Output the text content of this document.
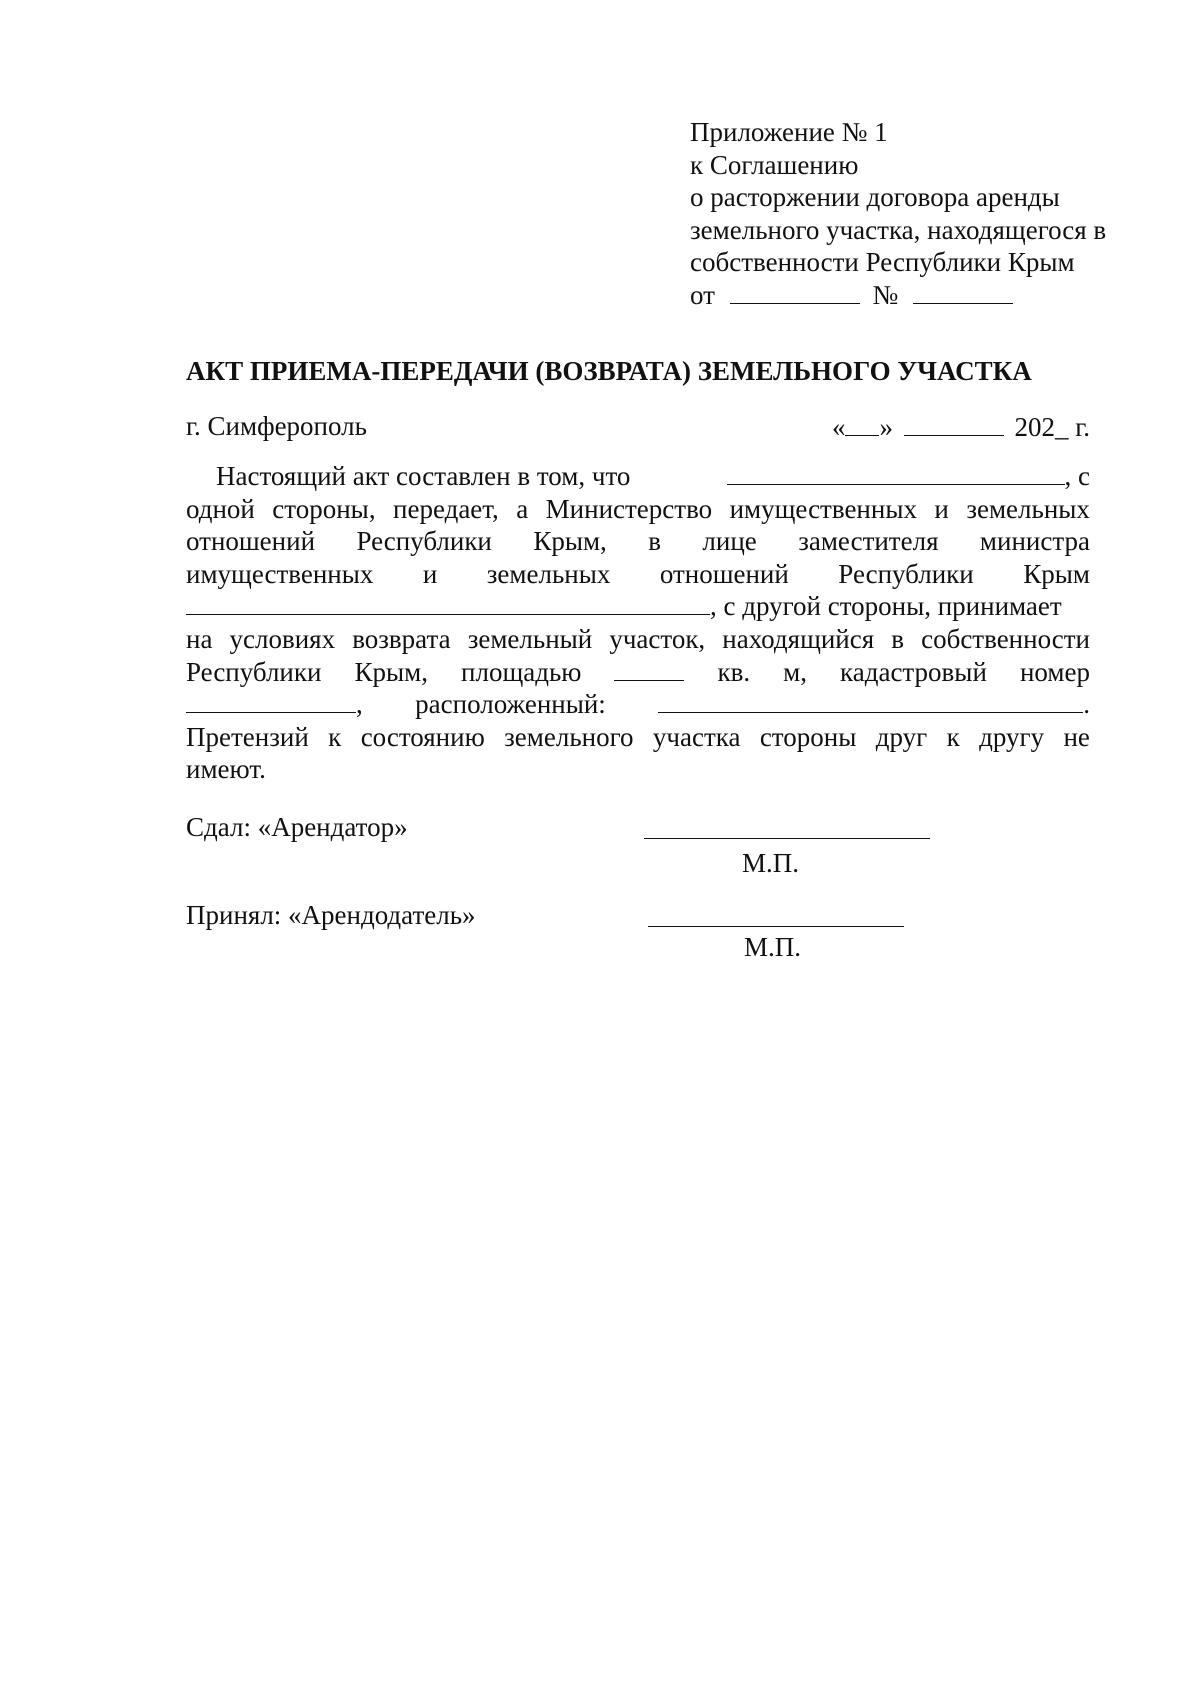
Приложение № 1
к Соглашению
о расторжении договора аренды
земельного участка, находящегося в
собственности Республики Крым
от	№
АКТ ПРИЕМА-ПЕРЕДАЧИ (ВОЗВРАТА) ЗЕМЕЛЬНОГО УЧАСТКА
г. Симферополь	« »	202_ г.
Настоящий акт составлен в том, что	, с
одной стороны, передает, а Министерство имущественных и земельных
отношений Республики Крым, в лице заместителя министра
имущественных и земельных отношений Республики Крым
, с другой стороны, принимает
на условиях возврата земельный участок, находящийся в собственности
Республики Крым, площадью	кв. м, кадастровый номер
, расположенный:	.
Претензий к состоянию земельного участка стороны друг к другу не
имеют.
Сдал: «Арендатор»
М.П.
Принял: «Арендодатель»
М.П.
